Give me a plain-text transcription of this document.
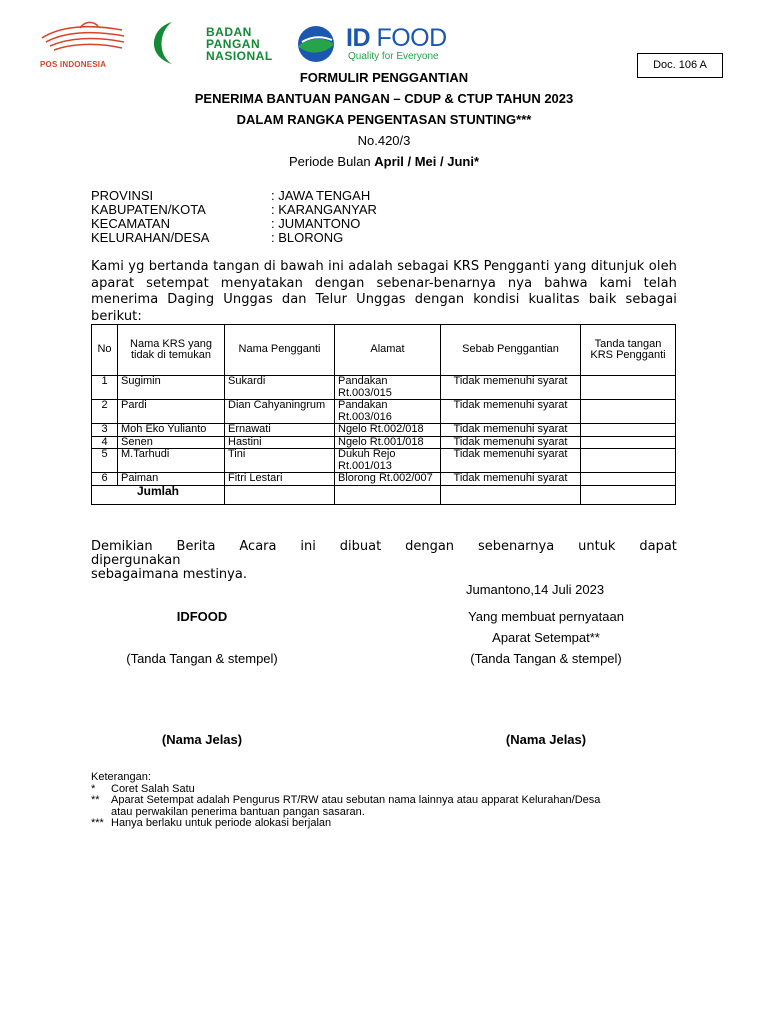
POS INDONESIA
BADAN
PANGAN
NASIONAL
ID FOOD
Quality for Everyone
Doc. 106 A
FORMULIR PENGGANTIAN
PENERIMA BANTUAN PANGAN – CDUP & CTUP TAHUN 2023
DALAM RANGKA PENGENTASAN STUNTING***
No.420/3
Periode Bulan April / Mei / Juni*
PROVINSI	: JAWA TENGAH
KABUPATEN/KOTA	: KARANGANYAR
KECAMATAN	: JUMANTONO
KELURAHAN/DESA	: BLORONG
Kami yg bertanda tangan di bawah ini adalah sebagai KRS Pengganti yang ditunjuk oleh aparat setempat menyatakan dengan sebenar-benarnya nya bahwa kami telah menerima Daging Unggas dan Telur Unggas dengan kondisi kualitas baik sebagai berikut:
No	Nama KRS yang tidak di temukan	Nama Pengganti	Alamat	Sebab Penggantian	Tanda tangan KRS Pengganti
1	Sugimin	Sukardi	Pandakan Rt.003/015	Tidak memenuhi syarat	
2	Pardi	Dian Cahyaningrum	Pandakan Rt.003/016	Tidak memenuhi syarat	
3	Moh Eko Yulianto	Ernawati	Ngelo Rt.002/018	Tidak memenuhi syarat	
4	Senen	Hastini	Ngelo Rt.001/018	Tidak memenuhi syarat	
5	M.Tarhudi	Tini	Dukuh Rejo Rt.001/013	Tidak memenuhi syarat	
6	Paiman	Fitri Lestari	Blorong Rt.002/007	Tidak memenuhi syarat	
Jumlah					
Demikian Berita Acara ini dibuat dengan sebenarnya untuk dapat
dipergunakan
sebagaimana mestinya.
Jumantono,14 Juli 2023
IDFOOD
(Tanda Tangan & stempel)
(Nama Jelas)
Yang membuat pernyataan
Aparat Setempat**
(Tanda Tangan & stempel)
(Nama Jelas)
Keterangan:
*	Coret Salah Satu
**	Aparat Setempat adalah Pengurus RT/RW atau sebutan nama lainnya atau apparat Kelurahan/Desa
atau perwakilan penerima bantuan pangan sasaran.
*** Hanya berlaku untuk periode alokasi berjalan
